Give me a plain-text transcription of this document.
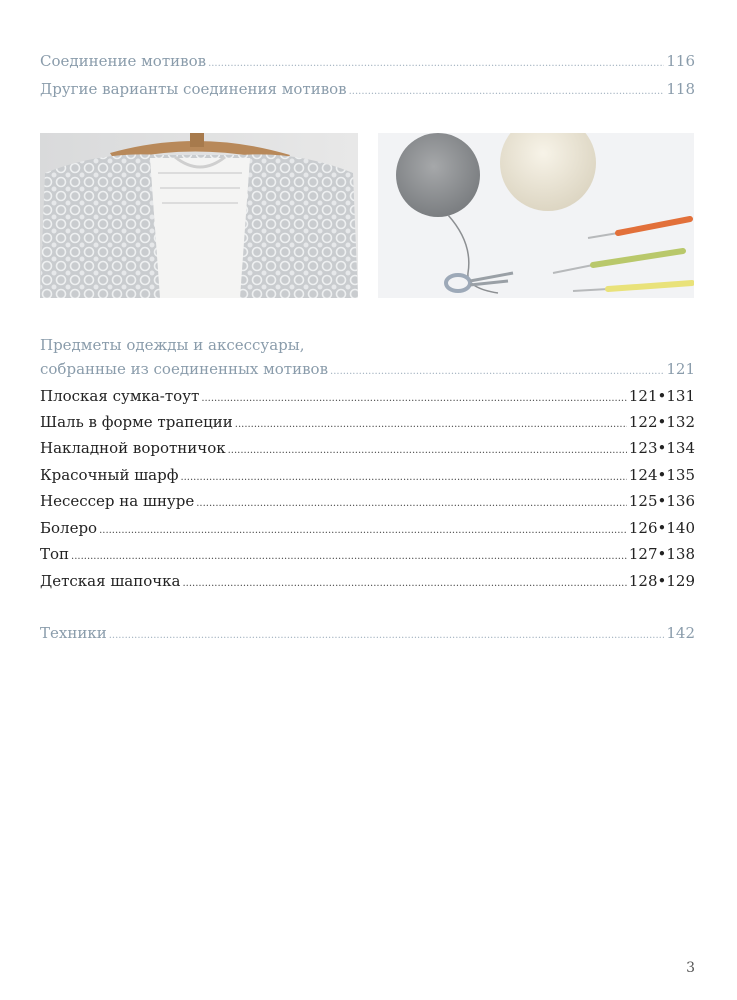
Соединение мотивов .....	116
Другие варианты соединения мотивов .....	118
Предметы одежды и аксессуары,
собранные из соединенных мотивов .....	121
Плоская сумка-тоут .....	121•131
Шаль в форме трапеции .....	122•132
Накладной воротничок .....	123•134
Красочный шарф .....	124•135
Несессер на шнуре .....	125•136
Болеро .....	126•140
Топ .....	127•138
Детская шапочка .....	128•129
Техники .....	142
3
